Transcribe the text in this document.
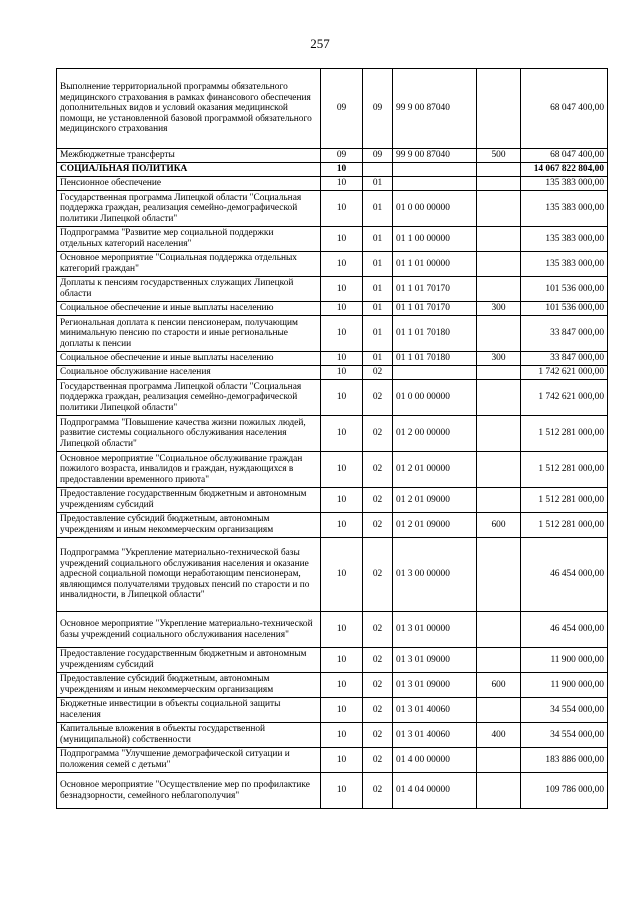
257
Выполнение территориальной программы обязательного медицинского страхования в рамках финансового обеспечения дополнительных видов и условий оказания медицинской помощи, не установленной базовой программой обязательного медицинского страхования	09	09	99 9 00 87040		68 047 400,00
Межбюджетные трансферты	09	09	99 9 00 87040	500	68 047 400,00
СОЦИАЛЬНАЯ ПОЛИТИКА	10				14 067 822 804,00
Пенсионное обеспечение	10	01			135 383 000,00
Государственная программа Липецкой области "Социальная поддержка граждан, реализация семейно-демографической политики Липецкой области"	10	01	01 0 00 00000		135 383 000,00
Подпрограмма "Развитие мер социальной поддержки отдельных категорий населения"	10	01	01 1 00 00000		135 383 000,00
Основное мероприятие "Социальная поддержка отдельных категорий граждан"	10	01	01 1 01 00000		135 383 000,00
Доплаты к пенсиям государственных служащих Липецкой области	10	01	01 1 01 70170		101 536 000,00
Социальное обеспечение и иные выплаты населению	10	01	01 1 01 70170	300	101 536 000,00
Региональная доплата к пенсии пенсионерам, получающим минимальную пенсию по старости и иные региональные доплаты к пенсии	10	01	01 1 01 70180		33 847 000,00
Социальное обеспечение и иные выплаты населению	10	01	01 1 01 70180	300	33 847 000,00
Социальное обслуживание населения	10	02			1 742 621 000,00
Государственная программа Липецкой области "Социальная поддержка граждан, реализация семейно-демографической политики Липецкой области"	10	02	01 0 00 00000		1 742 621 000,00
Подпрограмма "Повышение качества жизни пожилых людей, развитие системы социального обслуживания населения Липецкой области"	10	02	01 2 00 00000		1 512 281 000,00
Основное мероприятие "Социальное обслуживание граждан пожилого возраста, инвалидов и граждан, нуждающихся в предоставлении временного приюта"	10	02	01 2 01 00000		1 512 281 000,00
Предоставление государственным бюджетным и автономным учреждениям субсидий	10	02	01 2 01 09000		1 512 281 000,00
Предоставление субсидий бюджетным, автономным учреждениям и иным некоммерческим организациям	10	02	01 2 01 09000	600	1 512 281 000,00
Подпрограмма "Укрепление материально-технической базы учреждений социального обслуживания населения и оказание адресной социальной помощи неработающим пенсионерам, являющимся получателями трудовых пенсий по старости и по инвалидности, в Липецкой области"	10	02	01 3 00 00000		46 454 000,00
Основное мероприятие "Укрепление материально-технической базы учреждений социального обслуживания населения"	10	02	01 3 01 00000		46 454 000,00
Предоставление государственным бюджетным и автономным учреждениям субсидий	10	02	01 3 01 09000		11 900 000,00
Предоставление субсидий бюджетным, автономным учреждениям и иным некоммерческим организациям	10	02	01 3 01 09000	600	11 900 000,00
Бюджетные инвестиции в объекты социальной защиты населения	10	02	01 3 01 40060		34 554 000,00
Капитальные вложения в объекты государственной (муниципальной) собственности	10	02	01 3 01 40060	400	34 554 000,00
Подпрограмма "Улучшение демографической ситуации и положения семей с детьми"	10	02	01 4 00 00000		183 886 000,00
Основное мероприятие "Осуществление мер по профилактике безнадзорности, семейного неблагополучия"	10	02	01 4 04 00000		109 786 000,00
